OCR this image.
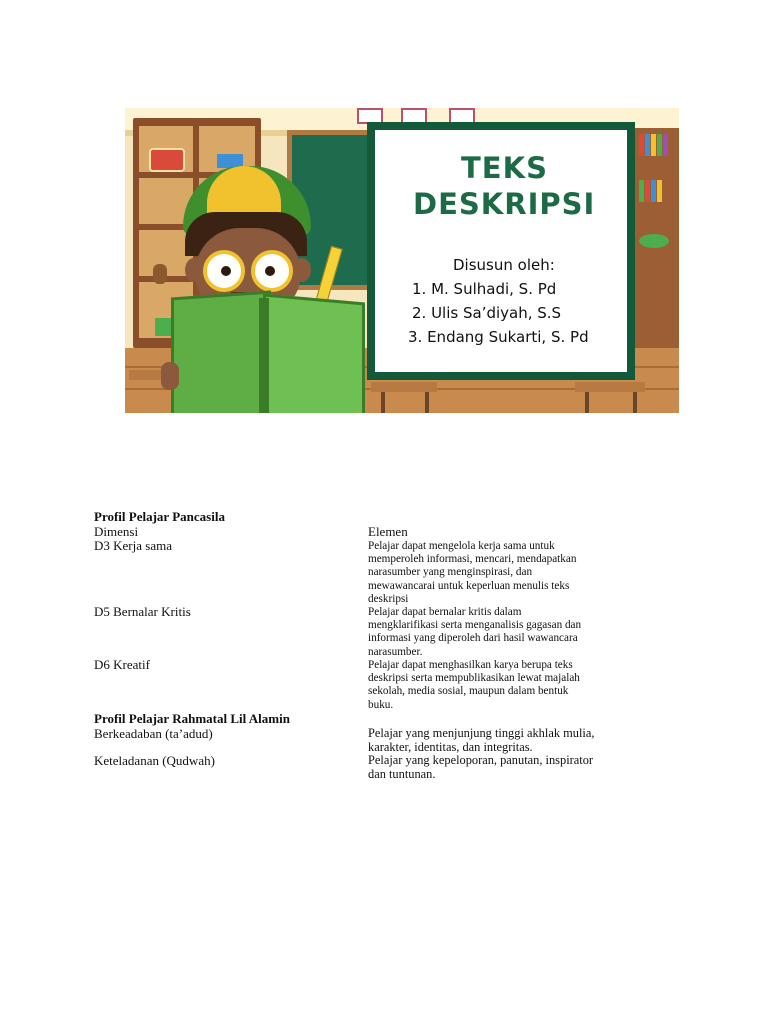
TEKS
DESKRIPSI
Disusun oleh:
1. M. Sulhadi, S. Pd
2. Ulis Sa’diyah, S.S
3. Endang Sukarti, S. Pd
Profil Pelajar Pancasila
Dimensi	Elemen
D3 Kerja sama	Pelajar dapat mengelola kerja sama untuk
memperoleh informasi, mencari, mendapatkan
narasumber yang menginspirasi, dan
mewawancarai untuk keperluan menulis teks
deskripsi
D5 Bernalar Kritis	Pelajar dapat bernalar kritis dalam
mengklarifikasi serta menganalisis gagasan dan
informasi yang diperoleh dari hasil wawancara
narasumber.
D6 Kreatif	Pelajar dapat menghasilkan karya berupa teks
deskripsi serta mempublikasikan lewat majalah
sekolah, media sosial, maupun dalam bentuk
buku.
Profil Pelajar Rahmatal Lil Alamin
Berkeadaban (ta’adud)	Pelajar yang menjunjung tinggi akhlak mulia,
karakter, identitas, dan integritas.
Keteladanan (Qudwah)	Pelajar yang kepeloporan, panutan, inspirator
dan tuntunan.
